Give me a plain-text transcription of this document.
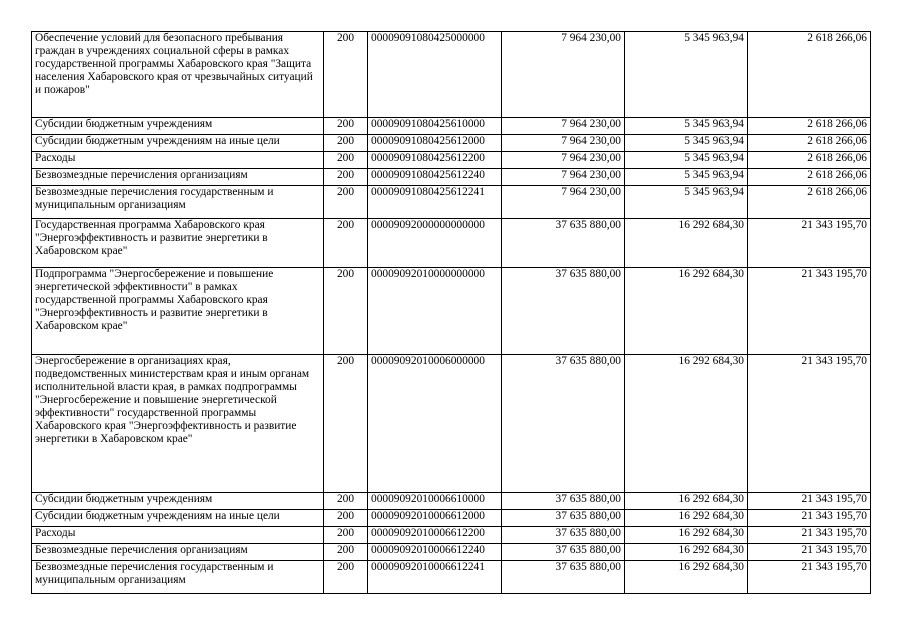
Обеспечение условий для безопасного пребывания граждан в учреждениях социальной сферы в рамках государственной программы Хабаровского края "Защита населения Хабаровского края от чрезвычайных ситуаций и пожаров"	200	00009091080425000000	7 964 230,00	5 345 963,94	2 618 266,06
Субсидии бюджетным учреждениям	200	00009091080425610000	7 964 230,00	5 345 963,94	2 618 266,06
Субсидии бюджетным учреждениям на иные цели	200	00009091080425612000	7 964 230,00	5 345 963,94	2 618 266,06
Расходы	200	00009091080425612200	7 964 230,00	5 345 963,94	2 618 266,06
Безвозмездные перечисления организациям	200	00009091080425612240	7 964 230,00	5 345 963,94	2 618 266,06
Безвозмездные перечисления государственным и муниципальным организациям	200	00009091080425612241	7 964 230,00	5 345 963,94	2 618 266,06
Государственная программа Хабаровского края "Энергоэффективность и развитие энергетики в Хабаровском крае"	200	00009092000000000000	37 635 880,00	16 292 684,30	21 343 195,70
Подпрограмма "Энергосбережение и повышение энергетической эффективности" в рамках государственной программы Хабаровского края "Энергоэффективность и развитие энергетики в Хабаровском крае"	200	00009092010000000000	37 635 880,00	16 292 684,30	21 343 195,70
Энергосбережение в организациях края, подведомственных министерствам края и иным органам исполнительной власти края, в рамках подпрограммы "Энергосбережение и повышение энергетической эффективности" государственной программы Хабаровского края "Энергоэффективность и развитие энергетики в Хабаровском крае"	200	00009092010006000000	37 635 880,00	16 292 684,30	21 343 195,70
Субсидии бюджетным учреждениям	200	00009092010006610000	37 635 880,00	16 292 684,30	21 343 195,70
Субсидии бюджетным учреждениям на иные цели	200	00009092010006612000	37 635 880,00	16 292 684,30	21 343 195,70
Расходы	200	00009092010006612200	37 635 880,00	16 292 684,30	21 343 195,70
Безвозмездные перечисления организациям	200	00009092010006612240	37 635 880,00	16 292 684,30	21 343 195,70
Безвозмездные перечисления государственным и муниципальным организациям	200	00009092010006612241	37 635 880,00	16 292 684,30	21 343 195,70
